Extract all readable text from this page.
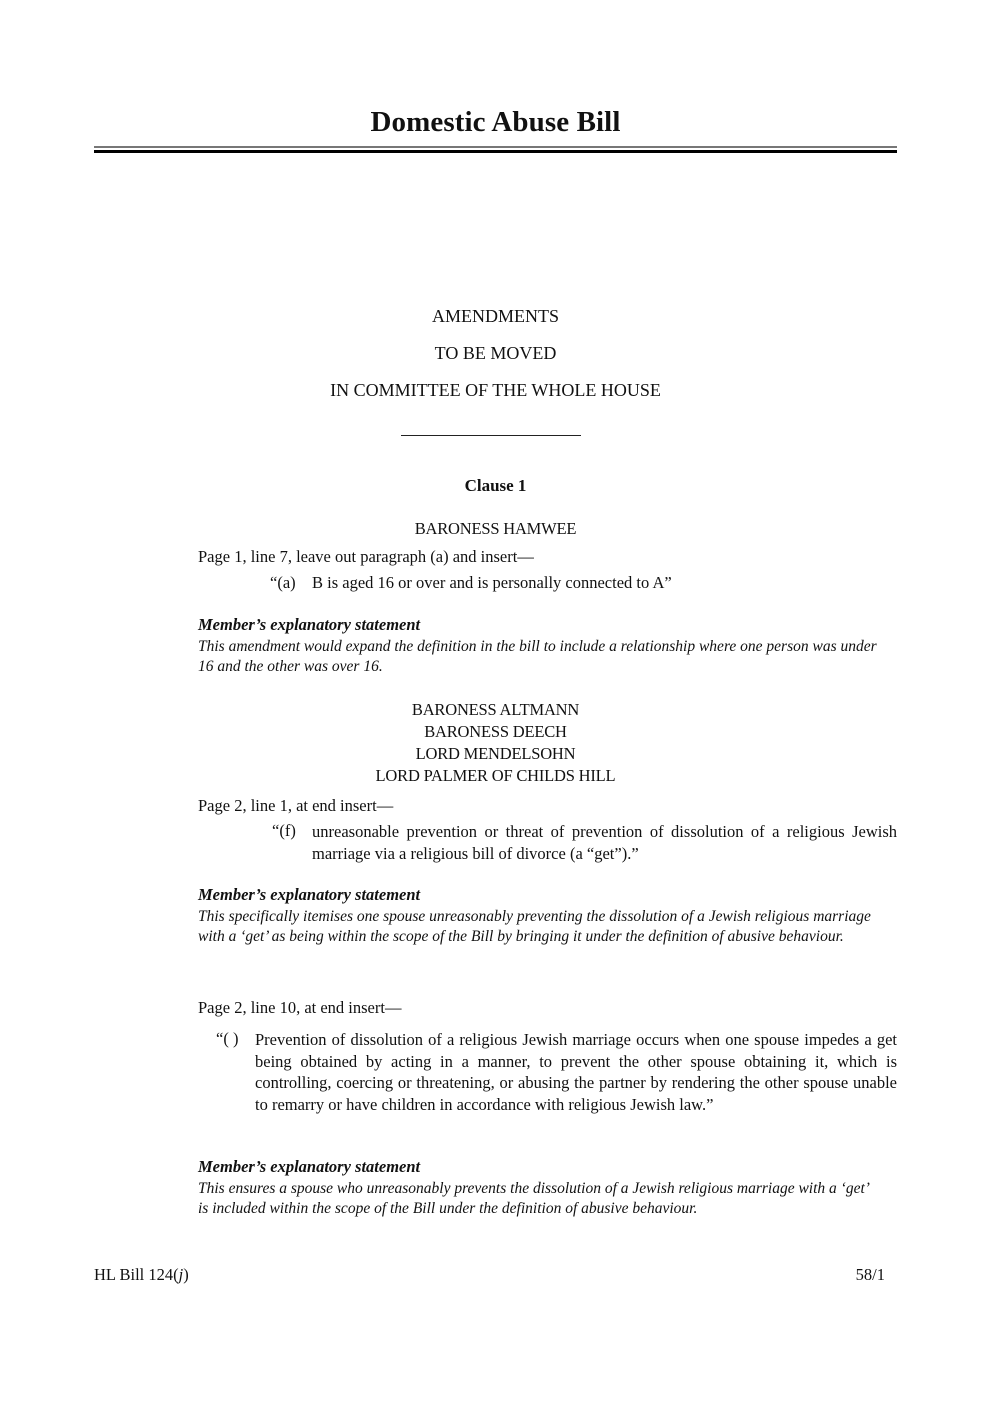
Domestic Abuse Bill
AMENDMENTS
TO BE MOVED
IN COMMITTEE OF THE WHOLE HOUSE
Clause 1
BARONESS HAMWEE
Page 1, line 7, leave out paragraph (a) and insert—
“(a) B is aged 16 or over and is personally connected to A”
Member’s explanatory statement
This amendment would expand the definition in the bill to include a relationship where one person was under 16 and the other was over 16.
BARONESS ALTMANN
BARONESS DEECH
LORD MENDELSOHN
LORD PALMER OF CHILDS HILL
Page 2, line 1, at end insert—
“(f) unreasonable prevention or threat of prevention of dissolution of a religious Jewish marriage via a religious bill of divorce (a “get”).”
Member’s explanatory statement
This specifically itemises one spouse unreasonably preventing the dissolution of a Jewish religious marriage with a ‘get’ as being within the scope of the Bill by bringing it under the definition of abusive behaviour.
Page 2, line 10, at end insert—
“( ) Prevention of dissolution of a religious Jewish marriage occurs when one spouse impedes a get being obtained by acting in a manner, to prevent the other spouse obtaining it, which is controlling, coercing or threatening, or abusing the partner by rendering the other spouse unable to remarry or have children in accordance with religious Jewish law.”
Member’s explanatory statement
This ensures a spouse who unreasonably prevents the dissolution of a Jewish religious marriage with a ‘get’ is included within the scope of the Bill under the definition of abusive behaviour.
HL Bill 124(j)	58/1
